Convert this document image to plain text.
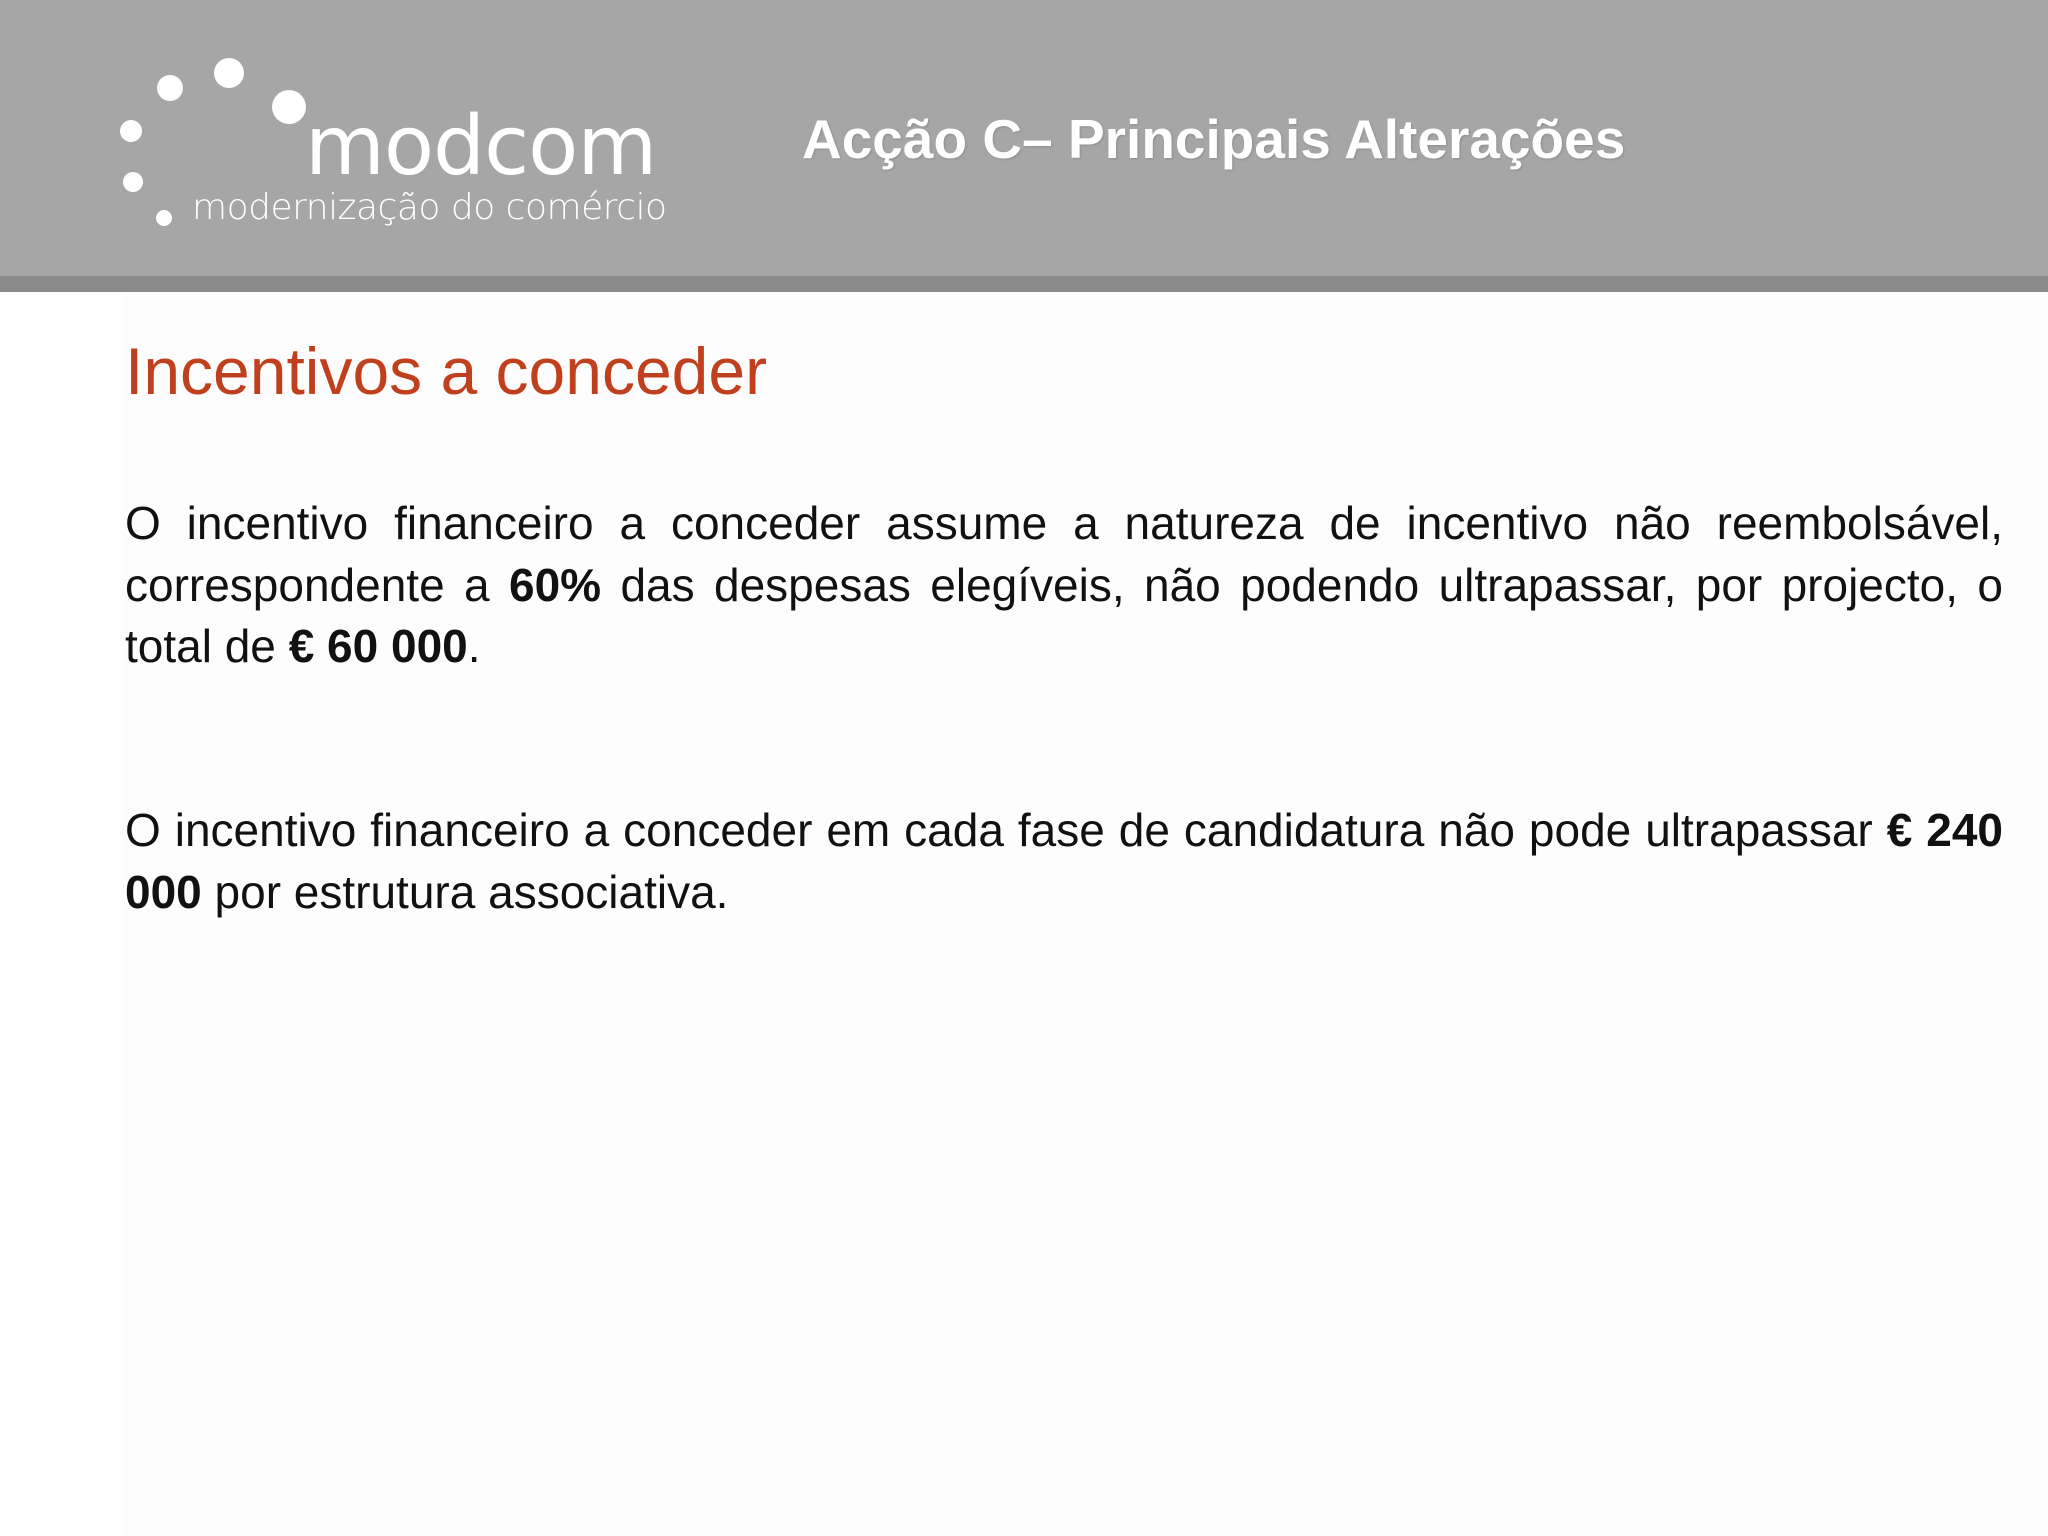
modcom
modernização do comércio
Acção C– Principais Alterações
Incentivos a conceder

O incentivo financeiro a conceder assume a natureza de incentivo não reembolsável, correspondente a 60% das despesas elegíveis, não podendo ultrapassar, por projecto, o total de € 60 000.

O incentivo financeiro a conceder em cada fase de candidatura não pode ultrapassar € 240 000 por estrutura associativa.
